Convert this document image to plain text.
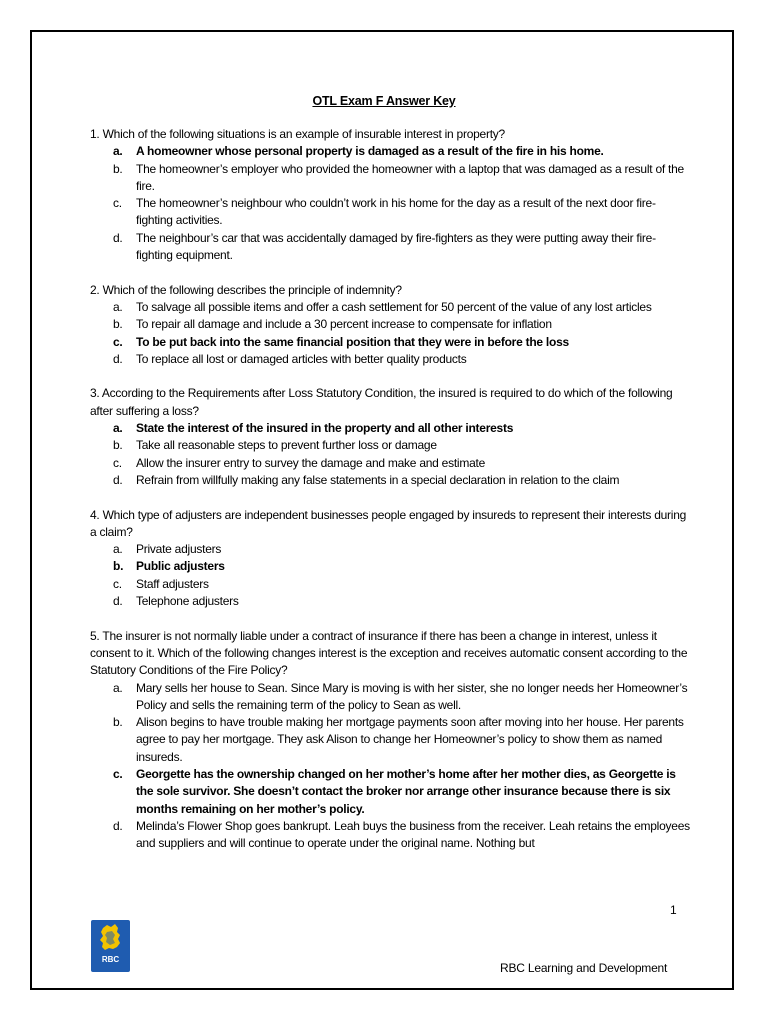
OTL Exam F Answer Key

1. Which of the following situations is an example of insurable interest in property?

a. A homeowner whose personal property is damaged as a result of the fire in his home.
b. The homeowner’s employer who provided the homeowner with a laptop that was damaged as a result of the fire.
c. The homeowner’s neighbour who couldn’t work in his home for the day as a result of the next door fire-fighting activities.
d. The neighbour’s car that was accidentally damaged by fire-fighters as they were putting away their fire-fighting equipment.

2. Which of the following describes the principle of indemnity?

a. To salvage all possible items and offer a cash settlement for 50 percent of the value of any lost articles
b. To repair all damage and include a 30 percent increase to compensate for inflation
c. To be put back into the same financial position that they were in before the loss
d. To replace all lost or damaged articles with better quality products

3. According to the Requirements after Loss Statutory Condition, the insured is required to do which of the following after suffering a loss?

a. State the interest of the insured in the property and all other interests
b. Take all reasonable steps to prevent further loss or damage
c. Allow the insurer entry to survey the damage and make and estimate
d. Refrain from willfully making any false statements in a special declaration in relation to the claim

4. Which type of adjusters are independent businesses people engaged by insureds to represent their interests during a claim?

a. Private adjusters
b. Public adjusters
c. Staff adjusters
d. Telephone adjusters

5. The insurer is not normally liable under a contract of insurance if there has been a change in interest, unless it consent to it. Which of the following changes interest is the exception and receives automatic consent according to the Statutory Conditions of the Fire Policy?

a. Mary sells her house to Sean. Since Mary is moving is with her sister, she no longer needs her Homeowner’s Policy and sells the remaining term of the policy to Sean as well.
b. Alison begins to have trouble making her mortgage payments soon after moving into her house. Her parents agree to pay her mortgage. They ask Alison to change her Homeowner’s policy to show them as named insureds.
c. Georgette has the ownership changed on her mother’s home after her mother dies, as Georgette is the sole survivor. She doesn’t contact the broker nor arrange other insurance because there is six months remaining on her mother’s policy.
d. Melinda’s Flower Shop goes bankrupt. Leah buys the business from the receiver. Leah retains the employees and suppliers and will continue to operate under the original name. Nothing but
1
RBC
RBC Learning and Development
